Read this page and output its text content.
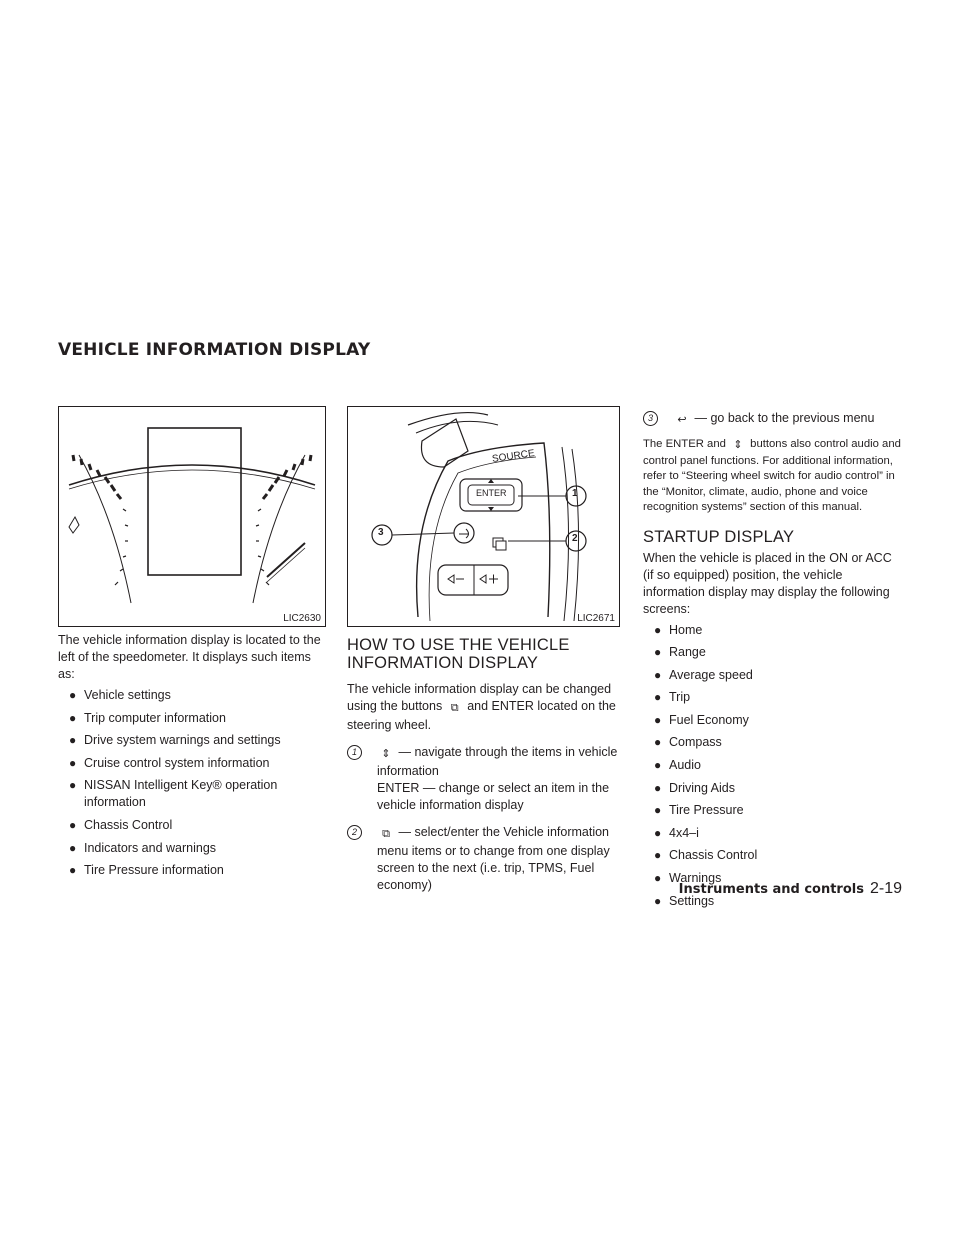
VEHICLE INFORMATION DISPLAY
LIC2630
SOURCE
ENTER	1
2
3
LIC2671

The vehicle information display is located to the left of the speedometer. It displays such items as:

● Vehicle settings
● Trip computer information
● Drive system warnings and settings
● Cruise control system information
● NISSAN Intelligent Key® operation information
● Chassis Control
● Indicators and warnings
● Tire Pressure information
HOW TO USE THE VEHICLE INFORMATION DISPLAY

The vehicle information display can be changed using the buttons ⧉ and ENTER located on the steering wheel.

1	⇕ — navigate through the items in vehicle information
ENTER — change or select an item in the vehicle information display
2	⧉ — select/enter the Vehicle information menu items or to change from one display screen to the next (i.e. trip, TPMS, Fuel economy)
3	↩ — go back to the previous menu

The ENTER and ⇕ buttons also control audio and control panel functions. For additional information, refer to “Steering wheel switch for audio control” in the “Monitor, climate, audio, phone and voice recognition systems” section of this manual.

STARTUP DISPLAY

When the vehicle is placed in the ON or ACC (if so equipped) position, the vehicle information display may display the following screens:

● Home
● Range
● Average speed
● Trip
● Fuel Economy
● Compass
● Audio
● Driving Aids
● Tire Pressure
● 4x4–i
● Chassis Control
● Warnings
● Settings
Instruments and controls 2-19
